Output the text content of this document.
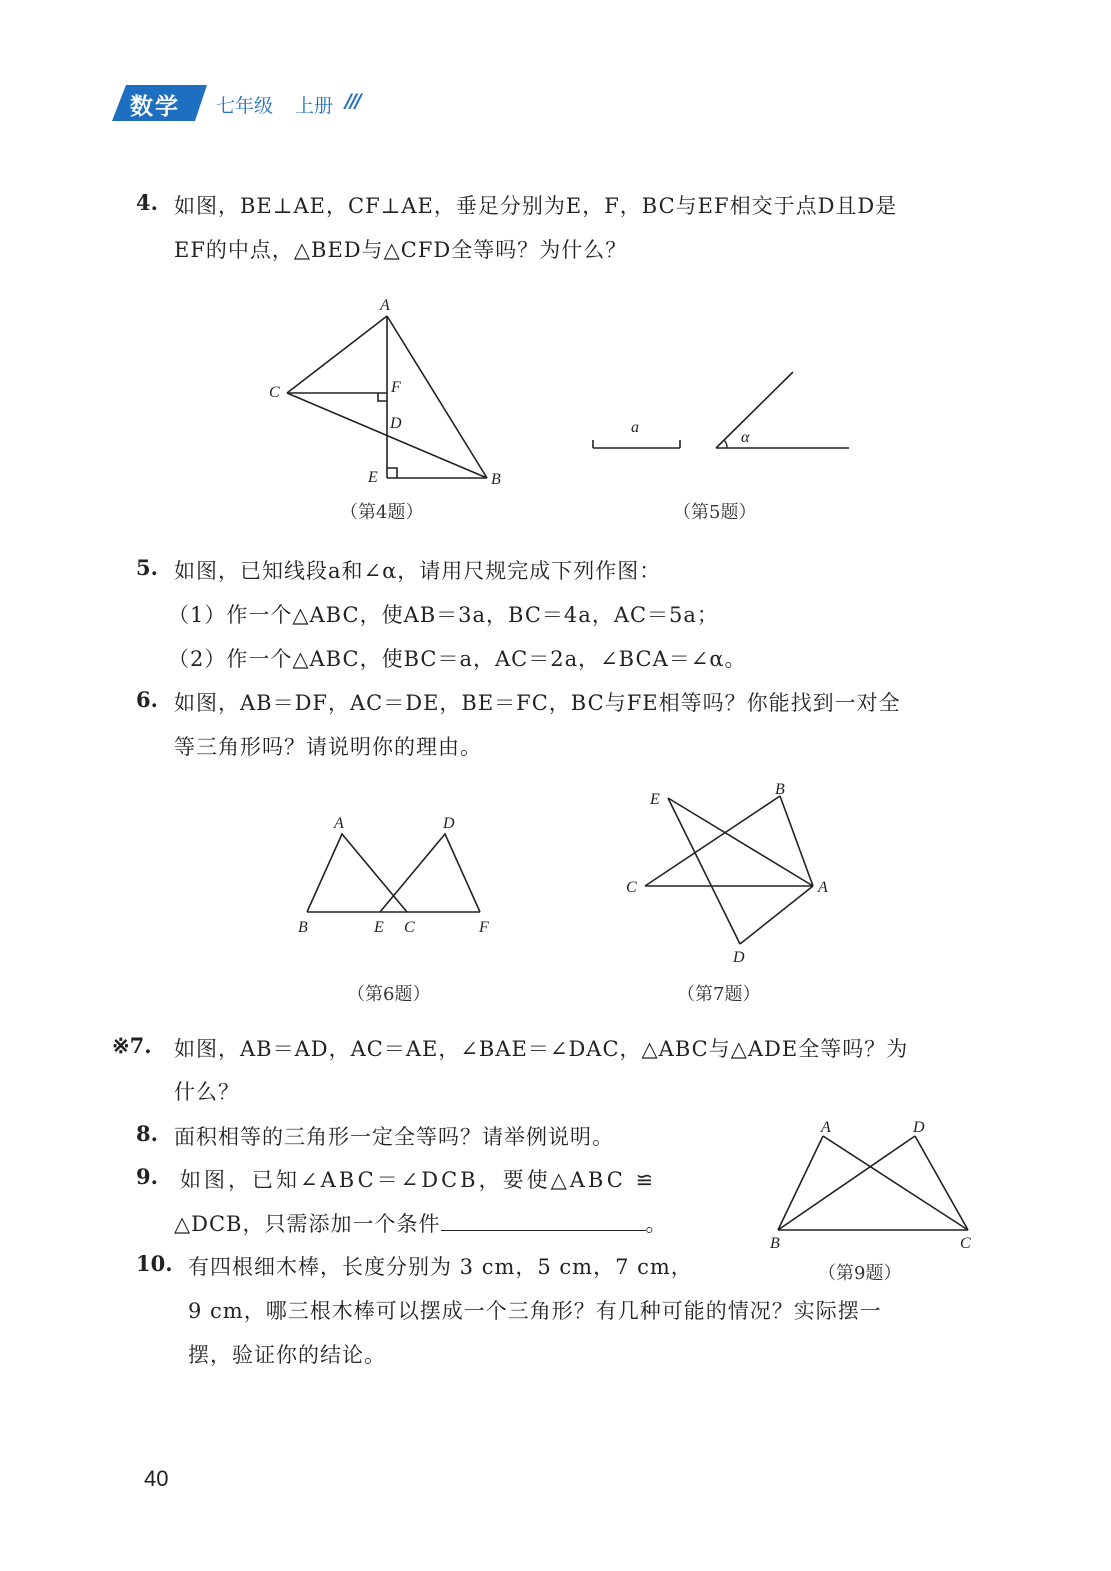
数学 七年级 上册 ///
4. 如图，BE⊥AE，CF⊥AE，垂足分别为E，F，BC与EF相交于点D且D是
EF的中点，△BED与△CFD全等吗？为什么？
A
C	F
D
E	B
（第4题）
a
α
（第5题）
5. 如图，已知线段a和∠α，请用尺规完成下列作图：
（1）作一个△ABC，使AB＝3a，BC＝4a，AC＝5a；
（2）作一个△ABC，使BC＝a，AC＝2a，∠BCA＝∠α。
6. 如图，AB＝DF，AC＝DE，BE＝FC，BC与FE相等吗？你能找到一对全
等三角形吗？请说明你的理由。
A	D
B	E C	F
（第6题）
E
B
C	A
D
（第7题）
※7. 如图，AB＝AD，AC＝AE，∠BAE＝∠DAC，△ABC与△ADE全等吗？为
什么？
8. 面积相等的三角形一定全等吗？请举例说明。
9. 如图，已知∠ABC＝∠DCB，要使△ABC ≌
△DCB，只需添加一个条件	。
A	D
B	C
（第9题）
10. 有四根细木棒，长度分别为 3 cm，5 cm，7 cm，
9 cm，哪三根木棒可以摆成一个三角形？有几种可能的情况？实际摆一
摆，验证你的结论。
40
